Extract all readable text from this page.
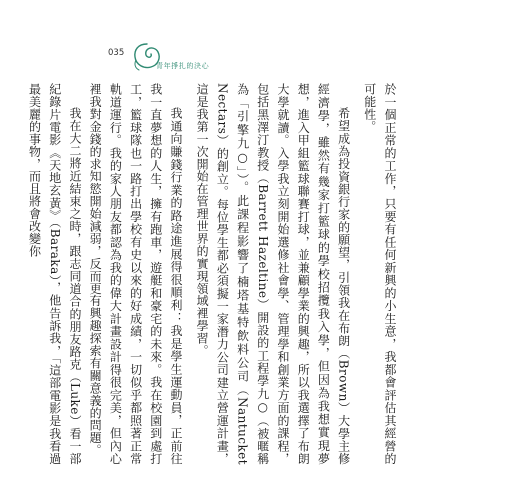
035
青年掙扎的決心

於一個正常的工作，只要有任何新興的小生意，我都會評估其經營的可能性。

希望成為投資銀行家的願望，引領我在布朗（Brown）大學主修經濟學，雖然有幾家打籃球的學校招攬我入學，但因為我想實現夢想，進入甲組籃球聯賽打球，並兼顧學業的興趣，所以我選擇了布朗大學就讀。入學我立刻開始選修社會學、管理學和創業方面的課程，包括黑澤汀教授（Barrett Hazeltine）開設的工程學九○（被暱稱為「引擎九○」）。此課程影響了楠塔基特飲料公司（Nantucket Nectars）的創立。每位學生都必須擬一家潛力公司建立營運計畫，這是我第一次開始在管理世界的實現領域裡學習。

我通向賺錢行業的路途進展得很順利：我是學生運動員，正前往我一直夢想的人生，擁有跑車，遊艇和豪宅的未來。我在校園到處打工，籃球隊也一路打出學校有史以來的好成績，一切似乎都照著正常軌道運行。我的家人朋友都認為我的偉大計畫設計得很完美，但內心裡我對金錢的求知慾開始減弱，反而更有興趣探索有關意義的問題。

我在大二將近結束之時，跟志同道合的朋友路克（Luke）看一部紀錄片電影《天地玄黃》（Baraka），他告訴我，「這部電影是我看過最美麗的事物，而且將會改變你
